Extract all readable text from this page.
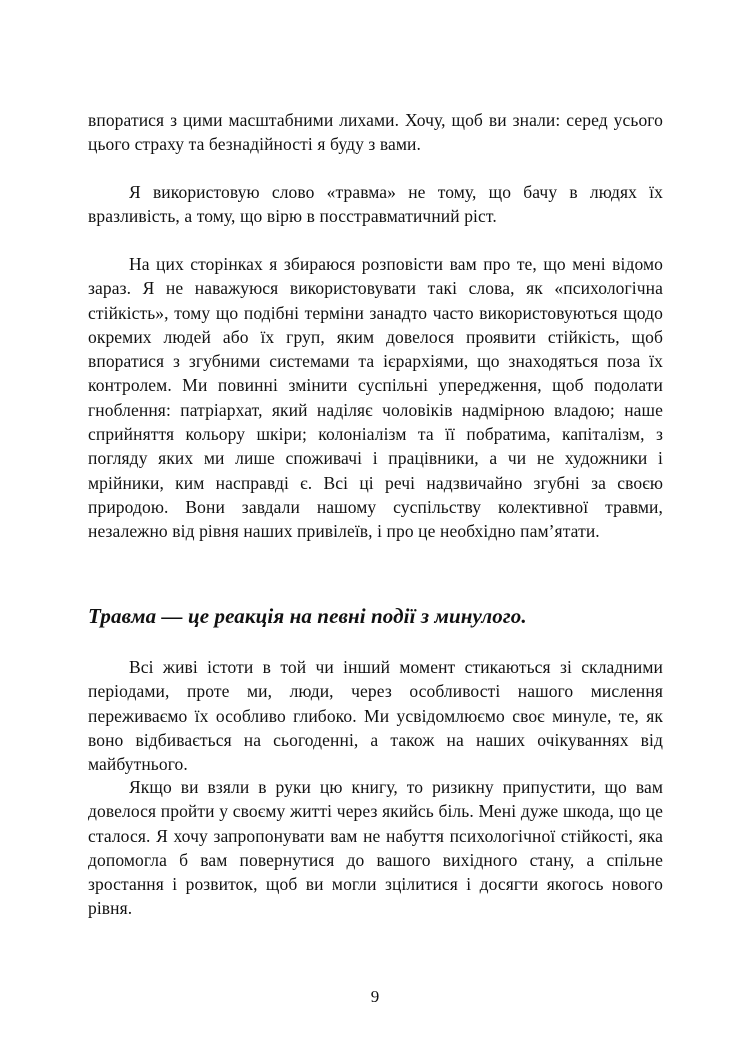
впоратися з цими масштабними лихами. Хочу, щоб ви знали: серед усього цього страху та безнадійності я буду з вами.

Я використовую слово «травма» не тому, що бачу в людях їх вразливість, а тому, що вірю в посстравматичний ріст.

На цих сторінках я збираюся розповісти вам про те, що мені відомо зараз. Я не наважуюся використовувати такі слова, як «психологічна стійкість», тому що подібні терміни занадто часто використовуються щодо окремих людей або їх груп, яким довелося проявити стійкість, щоб впоратися з згубними системами та ієрархіями, що знаходяться поза їх контролем. Ми повинні змінити суспільні упередження, щоб подолати гноблення: патріархат, який наділяє чоловіків надмірною владою; наше сприйняття кольору шкіри; колоніалізм та її побратима, капіталізм, з погляду яких ми лише споживачі і працівники, а чи не художники і мрійники, ким насправді є. Всі ці речі надзвичайно згубні за своєю природою. Вони завдали нашому суспільству колективної травми, незалежно від рівня наших привілеїв, і про це необхідно пам’ятати.

Травма — це реакція на певні події з минулого.

Всі живі істоти в той чи інший момент стикаються зі складними періодами, проте ми, люди, через особливості нашого мислення переживаємо їх особливо глибоко. Ми усвідомлюємо своє минуле, те, як воно відбивається на сьогоденні, а також на наших очікуваннях від майбутнього.

Якщо ви взяли в руки цю книгу, то ризикну припустити, що вам довелося пройти у своєму житті через якийсь біль. Мені дуже шкода, що це сталося. Я хочу запропонувати вам не набуття психологічної стійкості, яка допомогла б вам повернутися до вашого вихідного стану, а спільне зростання і розвиток, щоб ви могли зцілитися і досягти якогось нового рівня.

9
